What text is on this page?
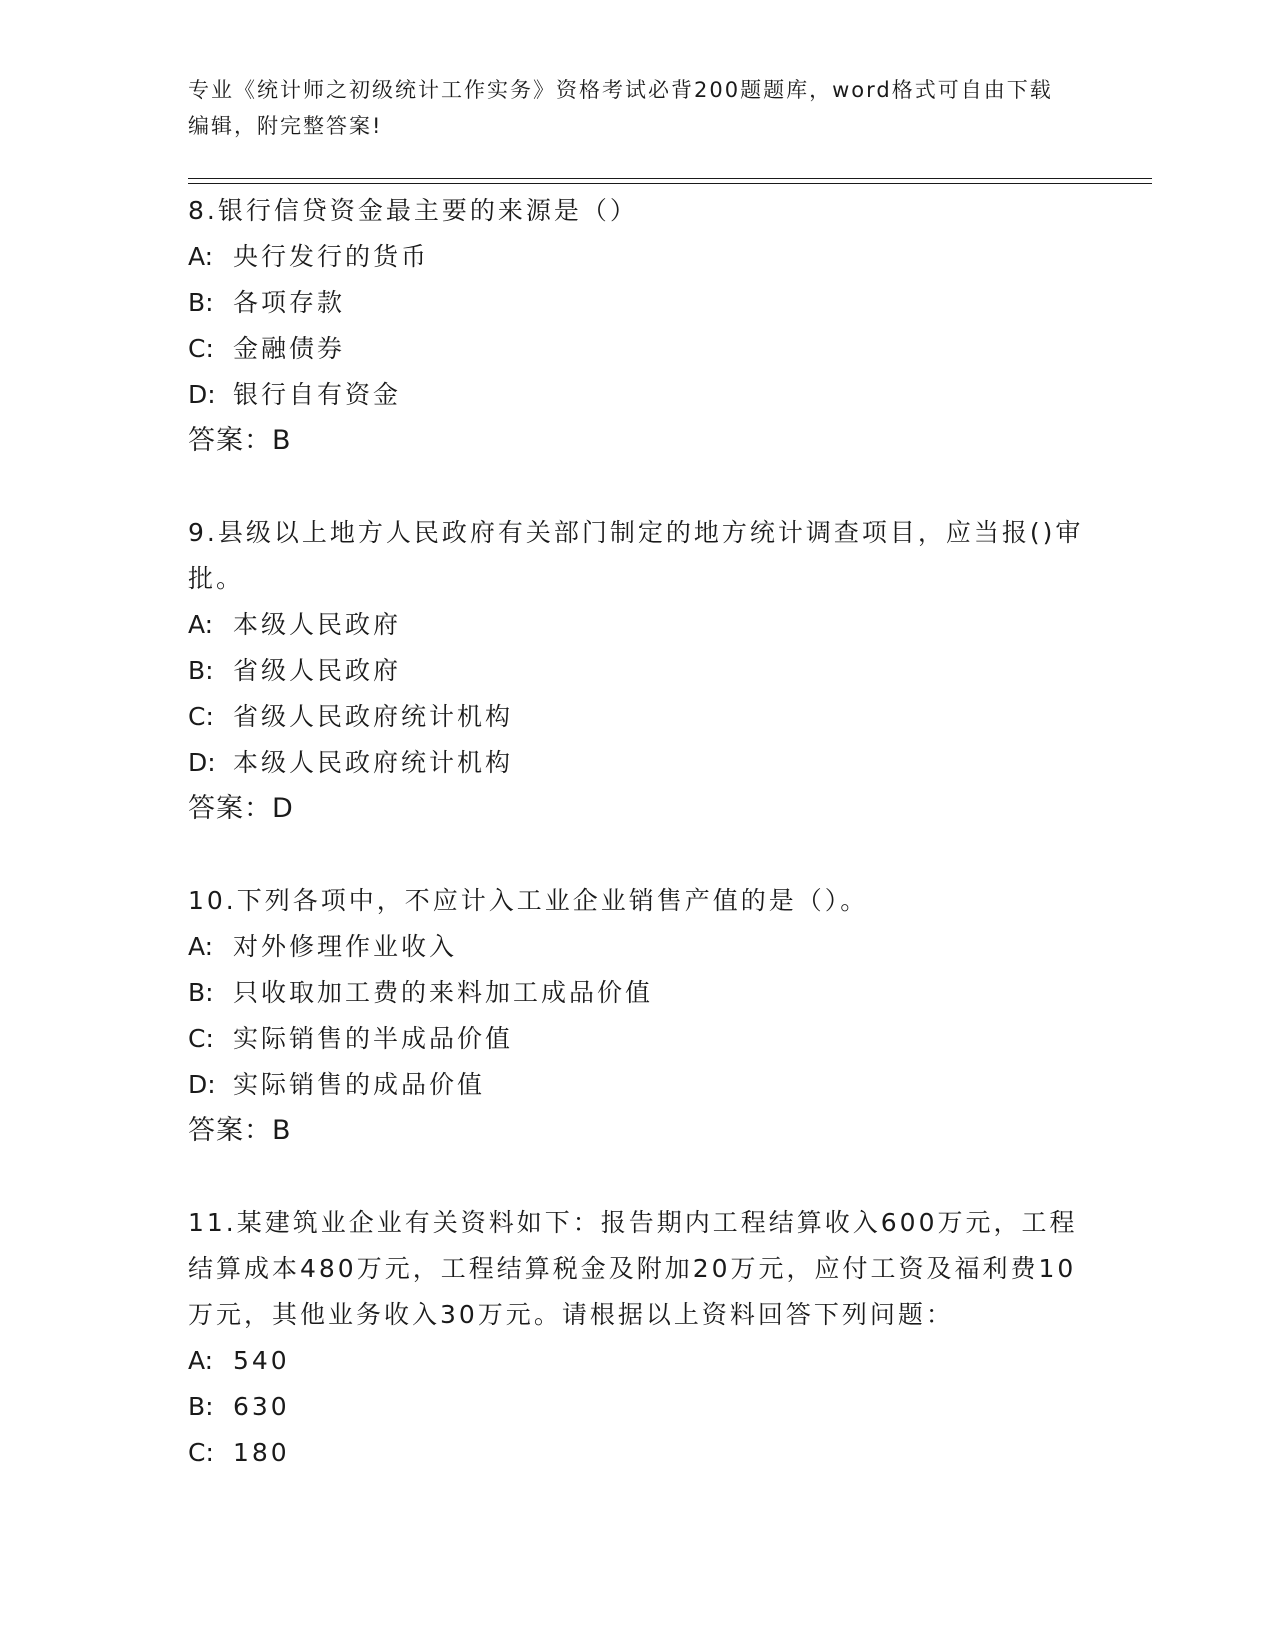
专业《统计师之初级统计工作实务》资格考试必背200题题库，word格式可自由下载编辑，附完整答案!
8.银行信贷资金最主要的来源是（）
A: 央行发行的货币
B: 各项存款
C: 金融债券
D: 银行自有资金
答案：B
9.县级以上地方人民政府有关部门制定的地方统计调查项目，应当报()审批。
A: 本级人民政府
B: 省级人民政府
C: 省级人民政府统计机构
D: 本级人民政府统计机构
答案：D
10.下列各项中，不应计入工业企业销售产值的是（）。
A: 对外修理作业收入
B: 只收取加工费的来料加工成品价值
C: 实际销售的半成品价值
D: 实际销售的成品价值
答案：B
11.某建筑业企业有关资料如下：报告期内工程结算收入600万元，工程结算成本480万元，工程结算税金及附加20万元，应付工资及福利费10万元，其他业务收入30万元。请根据以上资料回答下列问题：
A: 540
B: 630
C: 180
